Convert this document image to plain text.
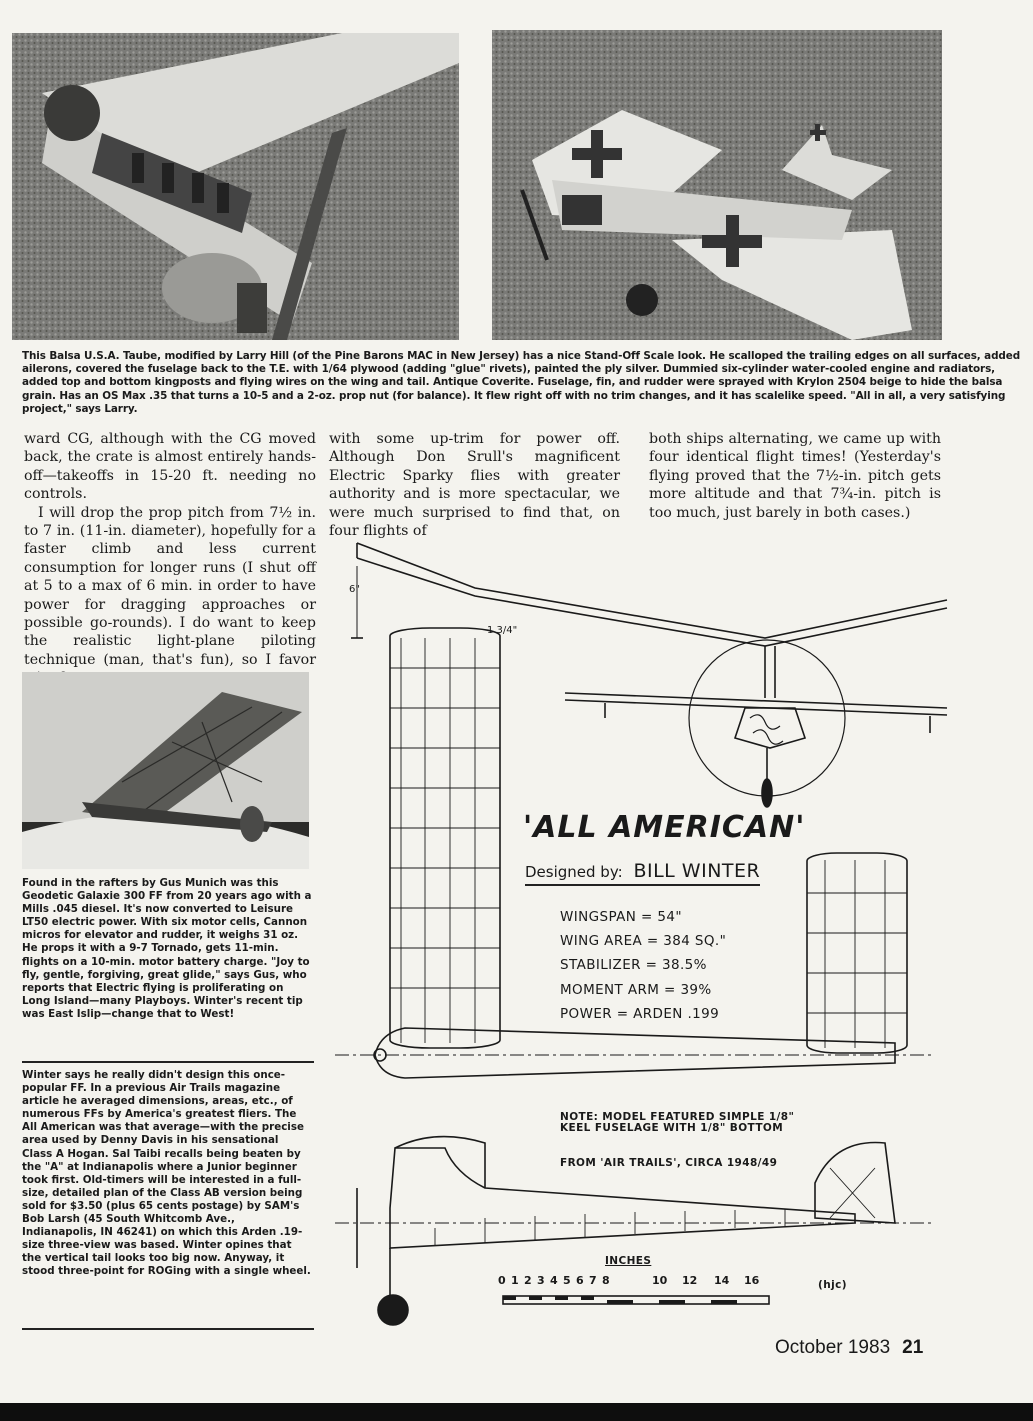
This Balsa U.S.A. Taube, modified by Larry Hill (of the Pine Barons MAC in New Jersey) has a nice Stand-Off Scale look. He scalloped the trailing edges on all surfaces, added ailerons, covered the fuselage back to the T.E. with 1/64 plywood (adding "glue" rivets), painted the ply silver. Dummied six-cylinder water-cooled engine and radiators, added top and bottom kingposts and flying wires on the wing and tail. Antique Coverite. Fuselage, fin, and rudder were sprayed with Krylon 2504 beige to hide the balsa grain. Has an OS Max .35 that turns a 10-5 and a 2-oz. prop nut (for balance). It flew right off with no trim changes, and it has scalelike speed. "All in all, a very satisfying project," says Larry.

ward CG, although with the CG moved back, the crate is almost entirely hands-off—takeoffs in 15-20 ft. needing no controls.

I will drop the prop pitch from 7½ in. to 7 in. (11-in. diameter), hopefully for a faster climb and less current consumption for longer runs (I shut off at 5 to a max of 6 min. in order to have power for dragging approaches or possible go-rounds). I do want to keep the realistic light-plane piloting technique (man, that's fun), so I favor

with some up-trim for power off. Although Don Srull's magnificent Electric Sparky flies with greater authority and is more spectacular, we were much surprised to find that, on four flights of

both ships alternating, we came up with four identical flight times! (Yesterday's flying proved that the 7½-in. pitch gets more altitude and that 7¾-in. pitch is too much, just barely in both cases.)

Found in the rafters by Gus Munich was this Geodetic Galaxie 300 FF from 20 years ago with a Mills .045 diesel. It's now converted to Leisure LT50 electric power. With six motor cells, Cannon micros for elevator and rudder, it weighs 31 oz. He props it with a 9-7 Tornado, gets 11-min. flights on a 10-min. motor battery charge. "Joy to fly, gentle, forgiving, great glide," says Gus, who reports that Electric flying is proliferating on Long Island—many Playboys. Winter's recent tip was East Islip—change that to West!
Winter says he really didn't design this once-popular FF. In a previous Air Trails magazine article he averaged dimensions, areas, etc., of numerous FFs by America's greatest fliers. The All American was that average—with the precise area used by Denny Davis in his sensational Class A Hogan. Sal Taibi recalls being beaten by the "A" at Indianapolis where a Junior beginner took first. Old-timers will be interested in a full-size, detailed plan of the Class AB version being sold for $3.50 (plus 65 cents postage) by SAM's Bob Larsh (45 South Whitcomb Ave., Indianapolis, IN 46241) on which this Arden .19-size three-view was based. Winter opines that the vertical tail looks too big now. Anyway, it stood three-point for ROGing with a single wheel.
6"
1 3/4"
'ALL AMERICAN'
Designed by: BILL WINTER
WINGSPAN = 54"
WING AREA = 384 SQ."
STABILIZER = 38.5%
MOMENT ARM = 39%
POWER = ARDEN .199
NOTE: MODEL FEATURED SIMPLE 1/8" KEEL FUSELAGE WITH 1/8" BOTTOM
FROM 'AIR TRAILS', CIRCA 1948/49
INCHES
0 1 2 3 4 5 6 7 8	10 12 14 16	(hjc)
October 1983 21
